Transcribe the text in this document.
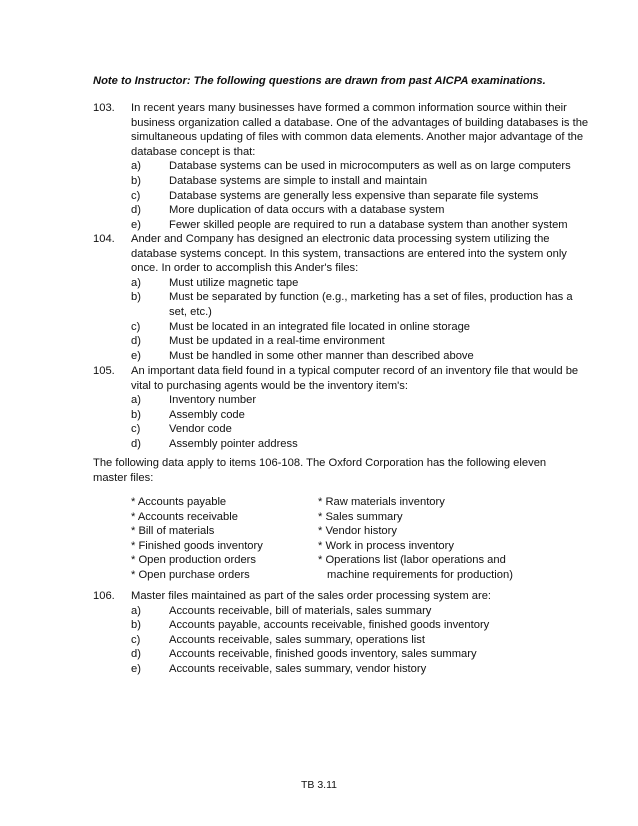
Note to Instructor: The following questions are drawn from past AICPA examinations.
103. In recent years many businesses have formed a common information source within their business organization called a database. One of the advantages of building databases is the simultaneous updating of files with common data elements. Another major advantage of the database concept is that:
a)	Database systems can be used in microcomputers as well as on large computers
b)	Database systems are simple to install and maintain
c)	Database systems are generally less expensive than separate file systems
d)	More duplication of data occurs with a database system
e)	Fewer skilled people are required to run a database system than another system
104. Ander and Company has designed an electronic data processing system utilizing the database systems concept. In this system, transactions are entered into the system only once. In order to accomplish this Ander's files:
a)	Must utilize magnetic tape
b)	Must be separated by function (e.g., marketing has a set of files, production has a set, etc.)
c)	Must be located in an integrated file located in online storage
d)	Must be updated in a real-time environment
e)	Must be handled in some other manner than described above
105. An important data field found in a typical computer record of an inventory file that would be vital to purchasing agents would be the inventory item's:
a)	Inventory number
b)	Assembly code
c)	Vendor code
d)	Assembly pointer address
The following data apply to items 106-108. The Oxford Corporation has the following eleven master files:
* Accounts payable
* Accounts receivable
* Bill of materials
* Finished goods inventory
* Open production orders
* Open purchase orders
* Raw materials inventory
* Sales summary
* Vendor history
* Work in process inventory
* Operations list (labor operations and
machine requirements for production)
106. Master files maintained as part of the sales order processing system are:
a)	Accounts receivable, bill of materials, sales summary
b)	Accounts payable, accounts receivable, finished goods inventory
c)	Accounts receivable, sales summary, operations list
d)	Accounts receivable, finished goods inventory, sales summary
e)	Accounts receivable, sales summary, vendor history
TB 3.11
